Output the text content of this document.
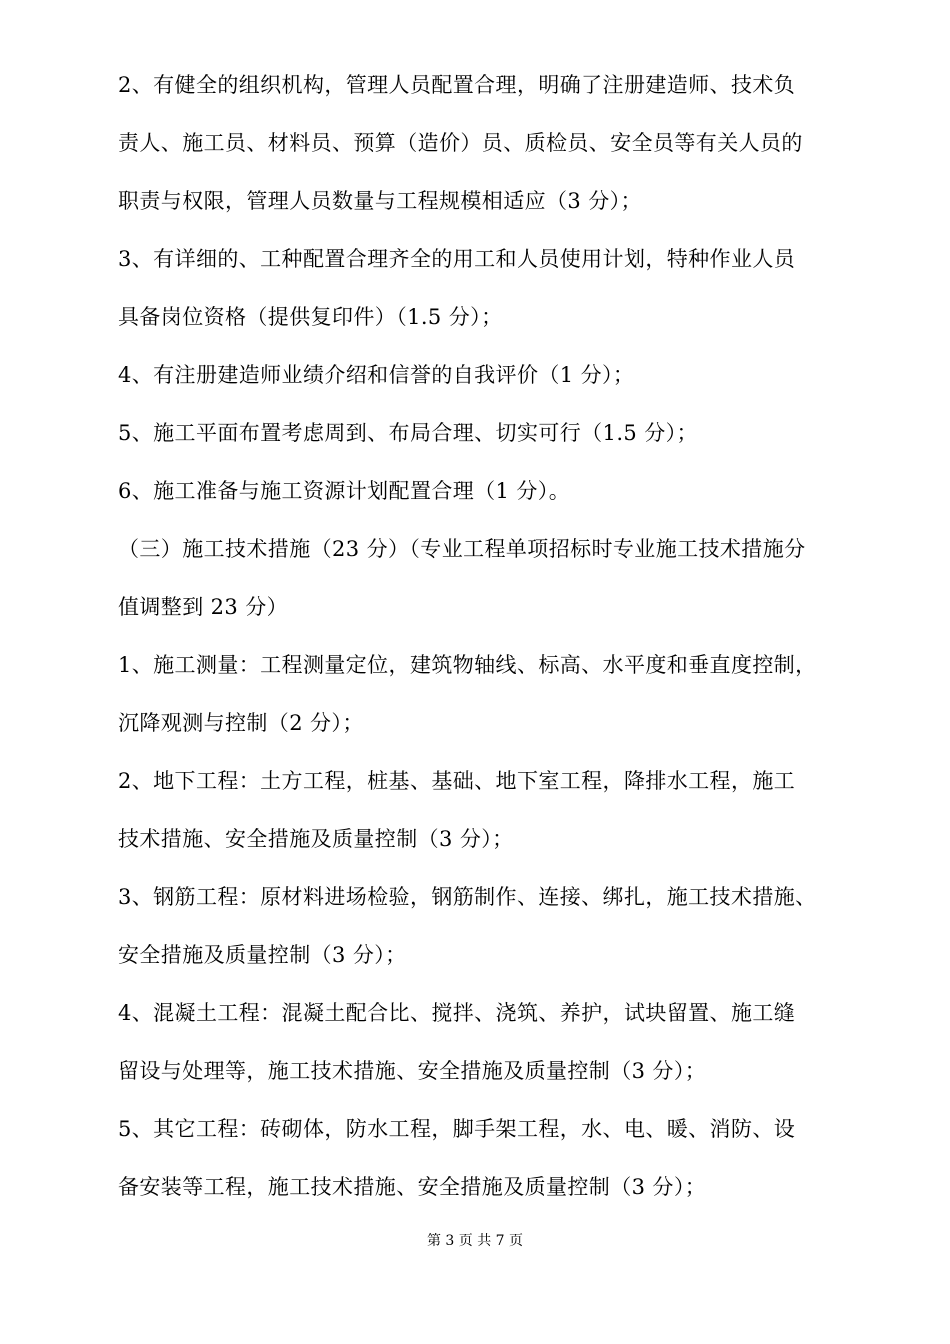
2、有健全的组织机构，管理人员配置合理，明确了注册建造师、技术负
责人、施工员、材料员、预算（造价）员、质检员、安全员等有关人员的
职责与权限，管理人员数量与工程规模相适应（3 分）；
3、有详细的、工种配置合理齐全的用工和人员使用计划，特种作业人员
具备岗位资格（提供复印件）（1.5 分）；
4、有注册建造师业绩介绍和信誉的自我评价（1 分）；
5、施工平面布置考虑周到、布局合理、切实可行（1.5 分）；
6、施工准备与施工资源计划配置合理（1 分）。
（三）施工技术措施（23 分）（专业工程单项招标时专业施工技术措施分
值调整到 23 分）
1、施工测量：工程测量定位，建筑物轴线、标高、水平度和垂直度控制，
沉降观测与控制（2 分）；
2、地下工程：土方工程，桩基、基础、地下室工程，降排水工程，施工
技术措施、安全措施及质量控制（3 分）；
3、钢筋工程：原材料进场检验，钢筋制作、连接、绑扎，施工技术措施、
安全措施及质量控制（3 分）；
4、混凝土工程：混凝土配合比、搅拌、浇筑、养护，试块留置、施工缝
留设与处理等，施工技术措施、安全措施及质量控制（3 分）；
5、其它工程：砖砌体，防水工程，脚手架工程，水、电、暖、消防、设
备安装等工程，施工技术措施、安全措施及质量控制（3 分）；
第 3 页 共 7 页
